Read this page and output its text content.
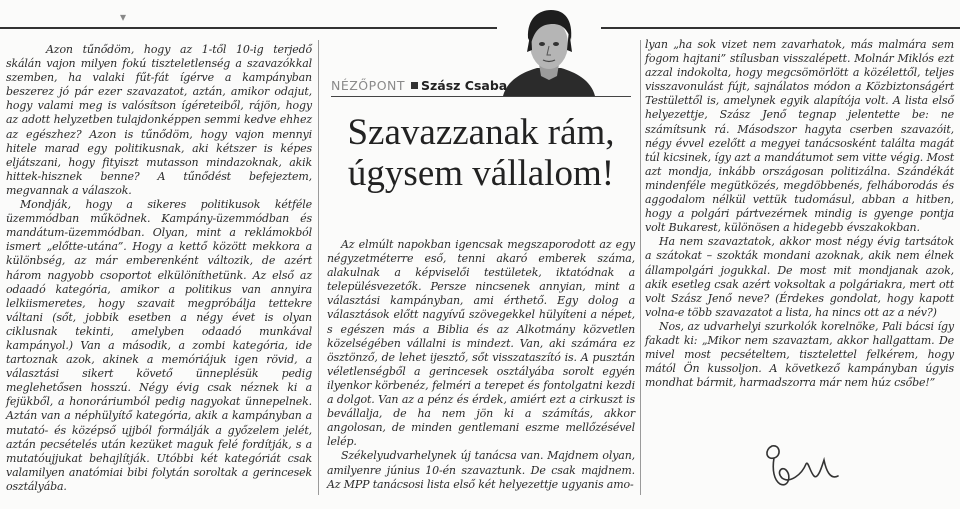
▾
NÉZŐPONT Szász Csaba
Szavazzanak rám,
úgysem vállalom!

Azon tűnődöm, hogy az 1-től 10-ig terjedő skálán vajon milyen fokú tiszteletlenség a szavazókkal szemben, ha valaki fűt-fát ígérve a kampányban beszerez jó pár ezer szavazatot, aztán, amikor odajut, hogy valami meg is valósítson ígéreteiből, rájön, hogy az adott helyzetben tulajdonképpen semmi kedve ehhez az egészhez? Azon is tűnődöm, hogy vajon mennyi hitele marad egy politikusnak, aki kétszer is képes eljátszani, hogy fityiszt mutasson mindazoknak, akik hittek-hisznek benne? A tűnődést befejeztem, megvannak a válaszok.

Mondják, hogy a sikeres politikusok kétféle üzemmódban működnek. Kampány-üzemmódban és mandátum-üzemmódban. Olyan, mint a reklámokból ismert „előtte-utána”. Hogy a kettő között mekkora a különbség, az már emberenként változik, de azért három nagyobb csoportot elkülöníthetünk. Az első az odaadó kategória, amikor a politikus van annyira lelkiismeretes, hogy szavait megpróbálja tettekre váltani (sőt, jobbik esetben a négy évet is olyan ciklusnak tekinti, amelyben odaadó munkával kampányol.) Van a második, a zombi kategória, ide tartoznak azok, akinek a memóriájuk igen rövid, a választási sikert követő ünneplésük pedig meglehetősen hosszú. Négy évig csak néznek ki a fejükből, a honoráriumból pedig nagyokat ünnepelnek. Aztán van a néphülyítő kategória, akik a kampányban a mutató- és középső ujjból formálják a győzelem jelét, aztán pecsételés után kezüket maguk felé fordítják, s a mutatóujjukat behajlítják. Utóbbi két kategóriát csak valamilyen anatómiai bibi folytán soroltak a gerincesek osztályába.

Az elmúlt napokban igencsak megszaporodott az egy négyzetméterre eső, tenni akaró emberek száma, alakulnak a képviselői testületek, iktatódnak a településvezetők. Persze nincsenek annyian, mint a választási kampányban, ami érthető. Egy dolog a választások előtt nagyívű szövegekkel hülyíteni a népet, s egészen más a Biblia és az Alkotmány közvetlen közelségében vállalni is mindezt. Van, aki számára ez ösztönző, de lehet ijesztő, sőt visszataszító is. A pusztán véletlenségből a gerincesek osztályába sorolt egyén ilyenkor körbenéz, felméri a terepet és fontolgatni kezdi a dolgot. Van az a pénz és érdek, amiért ezt a cirkuszt is bevállalja, de ha nem jön ki a számítás, akkor angolosan, de minden gentlemani eszme mellőzésével lelép.

Székelyudvarhelynek új tanácsa van. Majdnem olyan, amilyenre június 10-én szavaztunk. De csak majdnem. Az MPP tanácsosi lista első két helyezettje ugyanis amo-

lyan „ha sok vizet nem zavarhatok, más malmára sem fogom hajtani” stílusban visszalépett. Molnár Miklós ezt azzal indokolta, hogy megcsömörlött a közélettől, teljes visszavonulást fújt, sajnálatos módon a Közbiztonságért Testülettől is, amelynek egyik alapítója volt. A lista első helyezettje, Szász Jenő tegnap jelentette be: ne számítsunk rá. Másodszor hagyta cserben szavazóit, négy évvel ezelőtt a megyei tanácsosként találta magát túl kicsinek, így azt a mandátumot sem vitte végig. Most azt mondja, inkább országosan politizálna. Szándékát mindenféle megütközés, megdöbbenés, felháborodás és aggodalom nélkül vettük tudomásul, abban a hitben, hogy a polgári pártvezérnek mindig is gyenge pontja volt Bukarest, különösen a hidegebb évszakokban.

Ha nem szavaztatok, akkor most négy évig tartsátok a szátokat – szokták mondani azoknak, akik nem élnek állampolgári jogukkal. De most mit mondjanak azok, akik esetleg csak azért voksoltak a polgáriakra, mert ott volt Szász Jenő neve? (Érdekes gondolat, hogy kapott volna-e több szavazatot a lista, ha nincs ott az a név?)

Nos, az udvarhelyi szurkolók korelnöke, Pali bácsi így fakadt ki: „Mikor nem szavaztam, akkor hallgattam. De mivel most pecsételtem, tisztelettel felkérem, hogy mától Ön kussoljon. A következő kampányban úgyis mondhat bármit, harmadszorra már nem húz csőbe!”
